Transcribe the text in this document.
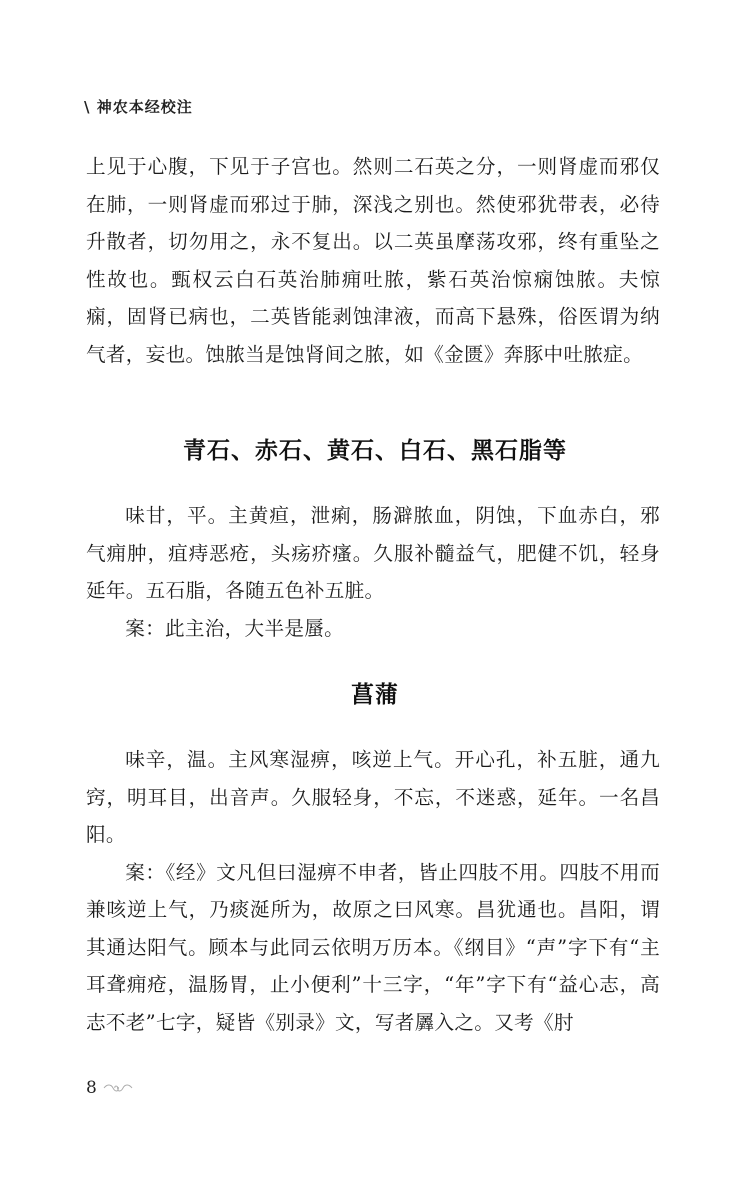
\ 神农本经校注

上见于心腹，下见于子宫也。然则二石英之分，一则肾虚而邪仅在肺，一则肾虚而邪过于肺，深浅之别也。然使邪犹带表，必待升散者，切勿用之，永不复出。以二英虽摩荡攻邪，终有重坠之性故也。甄权云白石英治肺痈吐脓，紫石英治惊痫蚀脓。夫惊痫，固肾已病也，二英皆能剥蚀津液，而高下悬殊，俗医谓为纳气者，妄也。蚀脓当是蚀肾间之脓，如《金匮》奔豚中吐脓症。

青石、赤石、黄石、白石、黑石脂等

味甘，平。主黄疸，泄痢，肠澼脓血，阴蚀，下血赤白，邪气痈肿，疽痔恶疮，头疡疥瘙。久服补髓益气，肥健不饥，轻身延年。五石脂，各随五色补五脏。

案：此主治，大半是蜃。

菖蒲

味辛，温。主风寒湿痹，咳逆上气。开心孔，补五脏，通九窍，明耳目，出音声。久服轻身，不忘，不迷惑，延年。一名昌阳。

案：《经》文凡但曰湿痹不申者，皆止四肢不用。四肢不用而兼咳逆上气，乃痰涎所为，故原之曰风寒。昌犹通也。昌阳，谓其通达阳气。顾本与此同云依明万历本。《纲目》“声”字下有“主耳聋痈疮，温肠胃，止小便利”十三字，“年”字下有“益心志，高志不老”七字，疑皆《别录》文，写者羼入之。又考《肘

8
